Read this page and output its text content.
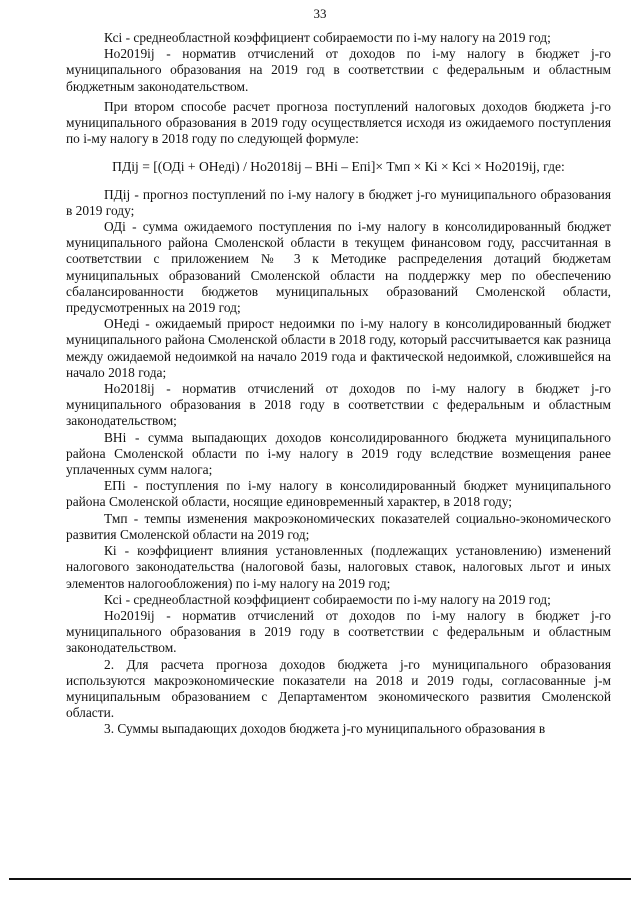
33

Ксi - среднеобластной коэффициент собираемости по i-му налогу на 2019 год;

Но2019ij - норматив отчислений от доходов по i-му налогу в бюджет j-го муниципального образования на 2019 год в соответствии с федеральным и областным бюджетным законодательством.

При втором способе расчет прогноза поступлений налоговых доходов бюджета j-го муниципального образования в 2019 году осуществляется исходя из ожидаемого поступления по i-му налогу в 2018 году по следующей формуле:

ПДij = [(ОДi + ОНедi) / Но2018ij – ВНi – Епi]× Тмп × Кi × Ксi × Но2019ij, где:

ПДij - прогноз поступлений по i-му налогу в бюджет j-го муниципального образования в 2019 году;

ОДi - сумма ожидаемого поступления по i-му налогу в консолидированный бюджет муниципального района Смоленской области в текущем финансовом году, рассчитанная в соответствии с приложением № 3 к Методике распределения дотаций бюджетам муниципальных образований Смоленской области на поддержку мер по обеспечению сбалансированности бюджетов муниципальных образований Смоленской области, предусмотренных на 2019 год;

ОНедi - ожидаемый прирост недоимки по i-му налогу в консолидированный бюджет муниципального района Смоленской области в 2018 году, который рассчитывается как разница между ожидаемой недоимкой на начало 2019 года и фактической недоимкой, сложившейся на начало 2018 года;

Но2018ij - норматив отчислений от доходов по i-му налогу в бюджет j-го муниципального образования в 2018 году в соответствии с федеральным и областным законодательством;

ВНi - сумма выпадающих доходов консолидированного бюджета муниципального района Смоленской области по i-му налогу в 2019 году вследствие возмещения ранее уплаченных сумм налога;

ЕПi - поступления по i-му налогу в консолидированный бюджет муниципального района Смоленской области, носящие единовременный характер, в 2018 году;

Тмп - темпы изменения макроэкономических показателей социально-экономического развития Смоленской области на 2019 год;

Кi - коэффициент влияния установленных (подлежащих установлению) изменений налогового законодательства (налоговой базы, налоговых ставок, налоговых льгот и иных элементов налогообложения) по i-му налогу на 2019 год;

Ксi - среднеобластной коэффициент собираемости по i-му налогу на 2019 год;

Но2019ij - норматив отчислений от доходов по i-му налогу в бюджет j-го муниципального образования в 2019 году в соответствии с федеральным и областным законодательством.

2. Для расчета прогноза доходов бюджета j-го муниципального образования используются макроэкономические показатели на 2018 и 2019 годы, согласованные j-м муниципальным образованием с Департаментом экономического развития Смоленской области.

3. Суммы выпадающих доходов бюджета j-го муниципального образования в
